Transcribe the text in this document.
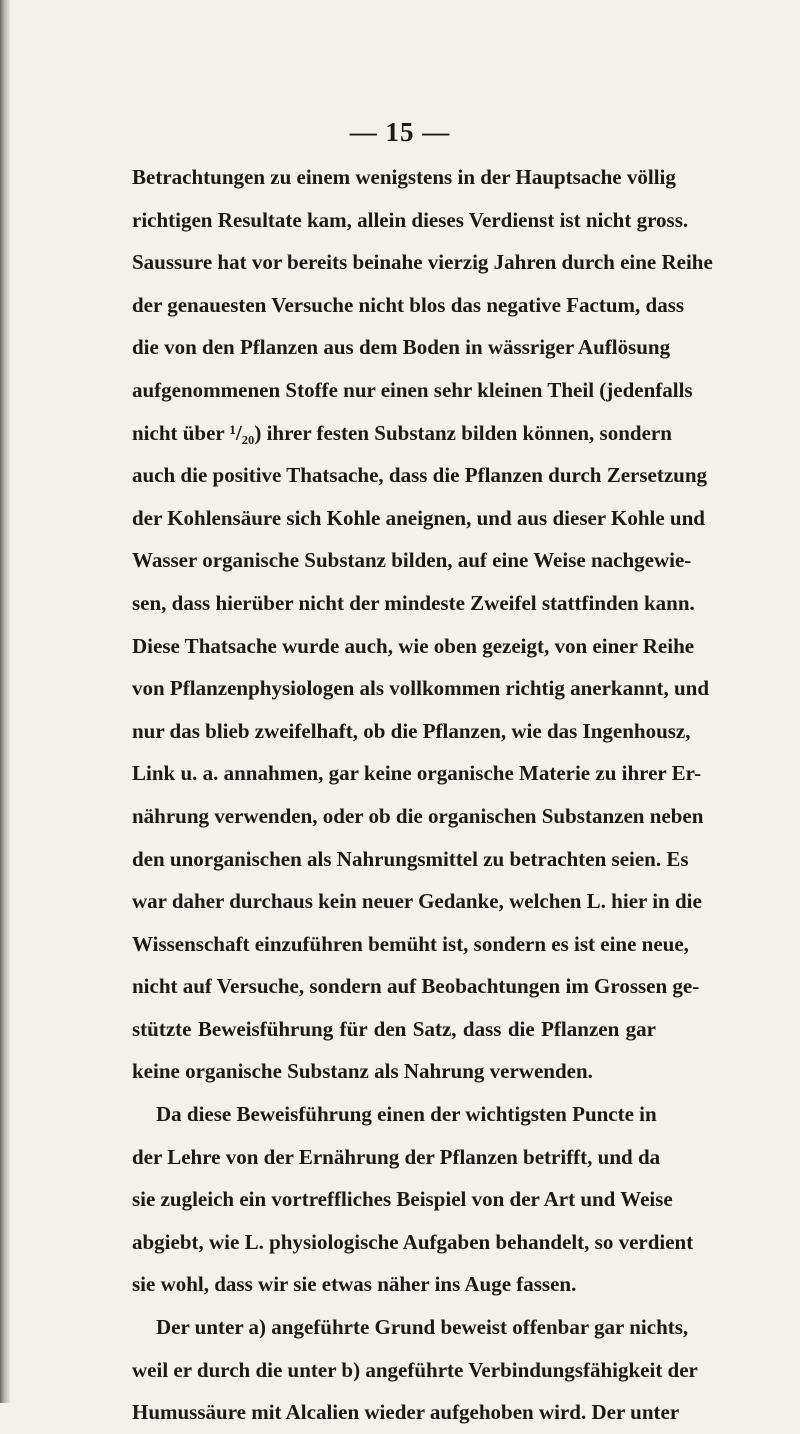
— 15 —
Betrachtungen zu einem wenigstens in der Hauptsache völlig
richtigen Resultate kam, allein dieses Verdienst ist nicht gross.
Saussure hat vor bereits beinahe vierzig Jahren durch eine Reihe
der genauesten Versuche nicht blos das negative Factum, dass
die von den Pflanzen aus dem Boden in wässriger Auflösung
aufgenommenen Stoffe nur einen sehr kleinen Theil (jedenfalls
nicht über ¹/₂₀) ihrer festen Substanz bilden können, sondern
auch die positive Thatsache, dass die Pflanzen durch Zersetzung
der Kohlensäure sich Kohle aneignen, und aus dieser Kohle und
Wasser organische Substanz bilden, auf eine Weise nachgewie-
sen, dass hierüber nicht der mindeste Zweifel stattfinden kann.
Diese Thatsache wurde auch, wie oben gezeigt, von einer Reihe
von Pflanzenphysiologen als vollkommen richtig anerkannt, und
nur das blieb zweifelhaft, ob die Pflanzen, wie das Ingenhousz,
Link u. a. annahmen, gar keine organische Materie zu ihrer Er-
nährung verwenden, oder ob die organischen Substanzen neben
den unorganischen als Nahrungsmittel zu betrachten seien. Es
war daher durchaus kein neuer Gedanke, welchen L. hier in die
Wissenschaft einzuführen bemüht ist, sondern es ist eine neue,
nicht auf Versuche, sondern auf Beobachtungen im Grossen ge-
stützte Beweisführung für den Satz, dass die Pflanzen gar
keine organische Substanz als Nahrung verwenden.
Da diese Beweisführung einen der wichtigsten Puncte in
der Lehre von der Ernährung der Pflanzen betrifft, und da
sie zugleich ein vortreffliches Beispiel von der Art und Weise
abgiebt, wie L. physiologische Aufgaben behandelt, so verdient
sie wohl, dass wir sie etwas näher ins Auge fassen.
Der unter a) angeführte Grund beweist offenbar gar nichts,
weil er durch die unter b) angeführte Verbindungsfähigkeit der
Humussäure mit Alcalien wieder aufgehoben wird. Der unter
